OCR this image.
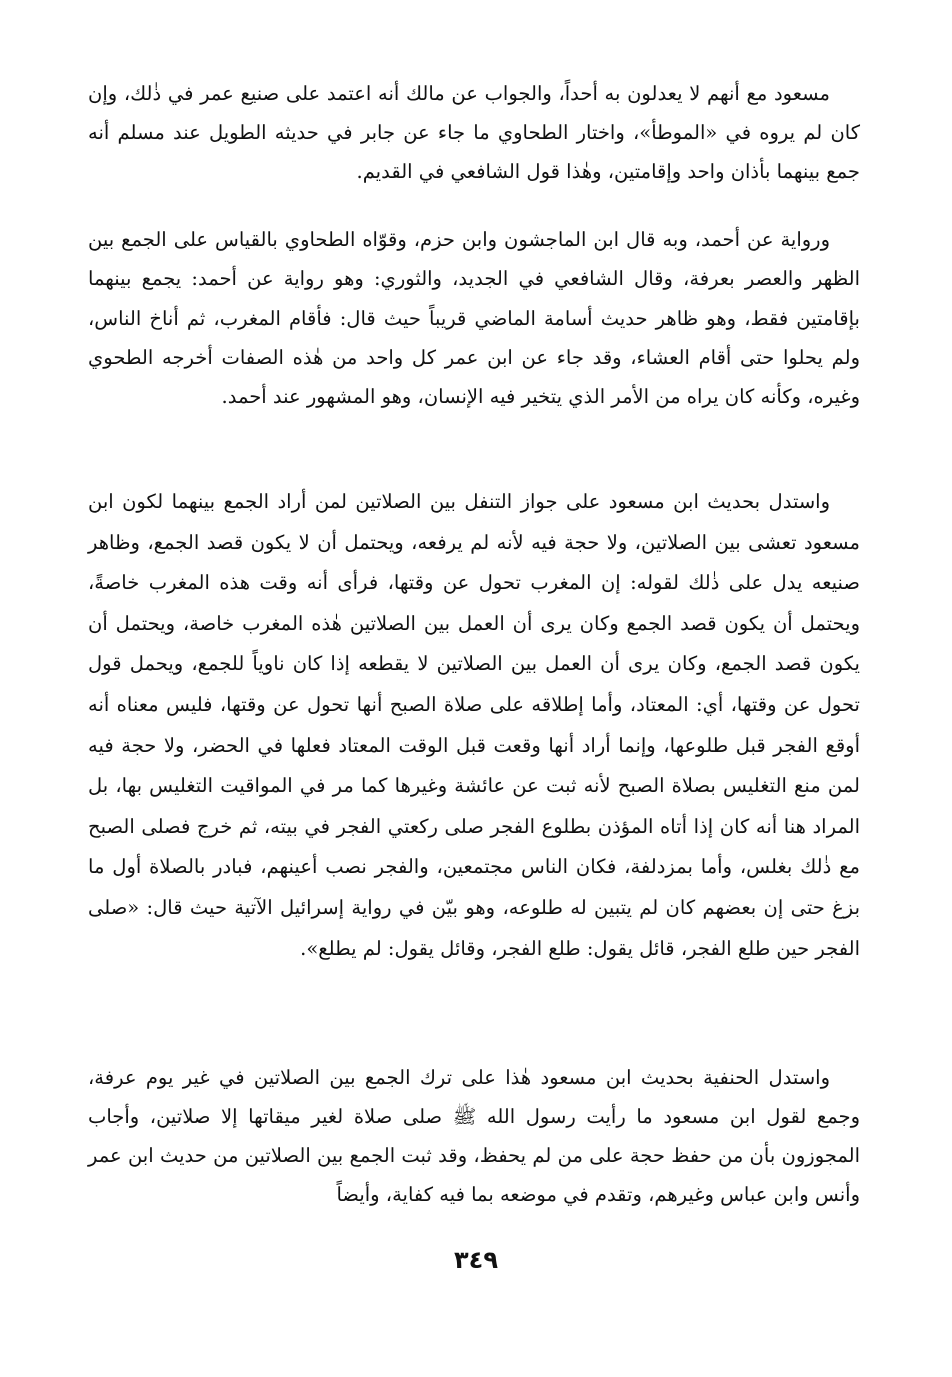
مسعود مع أنهم لا يعدلون به أحداً، والجواب عن مالك أنه اعتمد على صنيع عمر في ذٰلك، وإن كان لم يروه في «الموطأ»، واختار الطحاوي ما جاء عن جابر في حديثه الطويل عند مسلم أنه جمع بينهما بأذان واحد وإقامتين، وهٰذا قول الشافعي في القديم.

ورواية عن أحمد، وبه قال ابن الماجشون وابن حزم، وقوّاه الطحاوي بالقياس على الجمع بين الظهر والعصر بعرفة، وقال الشافعي في الجديد، والثوري: وهو رواية عن أحمد: يجمع بينهما بإقامتين فقط، وهو ظاهر حديث أسامة الماضي قريباً حيث قال: فأقام المغرب، ثم أناخ الناس، ولم يحلوا حتى أقام العشاء، وقد جاء عن ابن عمر كل واحد من هٰذه الصفات أخرجه الطحوي وغيره، وكأنه كان يراه من الأمر الذي يتخير فيه الإنسان، وهو المشهور عند أحمد.

واستدل بحديث ابن مسعود على جواز التنفل بين الصلاتين لمن أراد الجمع بينهما لكون ابن مسعود تعشى بين الصلاتين، ولا حجة فيه لأنه لم يرفعه، ويحتمل أن لا يكون قصد الجمع، وظاهر صنيعه يدل على ذٰلك لقوله: إن المغرب تحول عن وقتها، فرأى أنه وقت هذه المغرب خاصةً، ويحتمل أن يكون قصد الجمع وكان يرى أن العمل بين الصلاتين هٰذه المغرب خاصة، ويحتمل أن يكون قصد الجمع، وكان يرى أن العمل بين الصلاتين لا يقطعه إذا كان ناوياً للجمع، ويحمل قول تحول عن وقتها، أي: المعتاد، وأما إطلاقه على صلاة الصبح أنها تحول عن وقتها، فليس معناه أنه أوقع الفجر قبل طلوعها، وإنما أراد أنها وقعت قبل الوقت المعتاد فعلها في الحضر، ولا حجة فيه لمن منع التغليس بصلاة الصبح لأنه ثبت عن عائشة وغيرها كما مر في المواقيت التغليس بها، بل المراد هنا أنه كان إذا أتاه المؤذن بطلوع الفجر صلى ركعتي الفجر في بيته، ثم خرج فصلى الصبح مع ذٰلك بغلس، وأما بمزدلفة، فكان الناس مجتمعين، والفجر نصب أعينهم، فبادر بالصلاة أول ما بزغ حتى إن بعضهم كان لم يتبين له طلوعه، وهو بيّن في رواية إسرائيل الآتية حيث قال: «صلى الفجر حين طلع الفجر، قائل يقول: طلع الفجر، وقائل يقول: لم يطلع».

واستدل الحنفية بحديث ابن مسعود هٰذا على ترك الجمع بين الصلاتين في غير يوم عرفة، وجمع لقول ابن مسعود ما رأيت رسول الله ﷺ صلى صلاة لغير ميقاتها إلا صلاتين، وأجاب المجوزون بأن من حفظ حجة على من لم يحفظ، وقد ثبت الجمع بين الصلاتين من حديث ابن عمر وأنس وابن عباس وغيرهم، وتقدم في موضعه بما فيه كفاية، وأيضاً

٣٤٩
